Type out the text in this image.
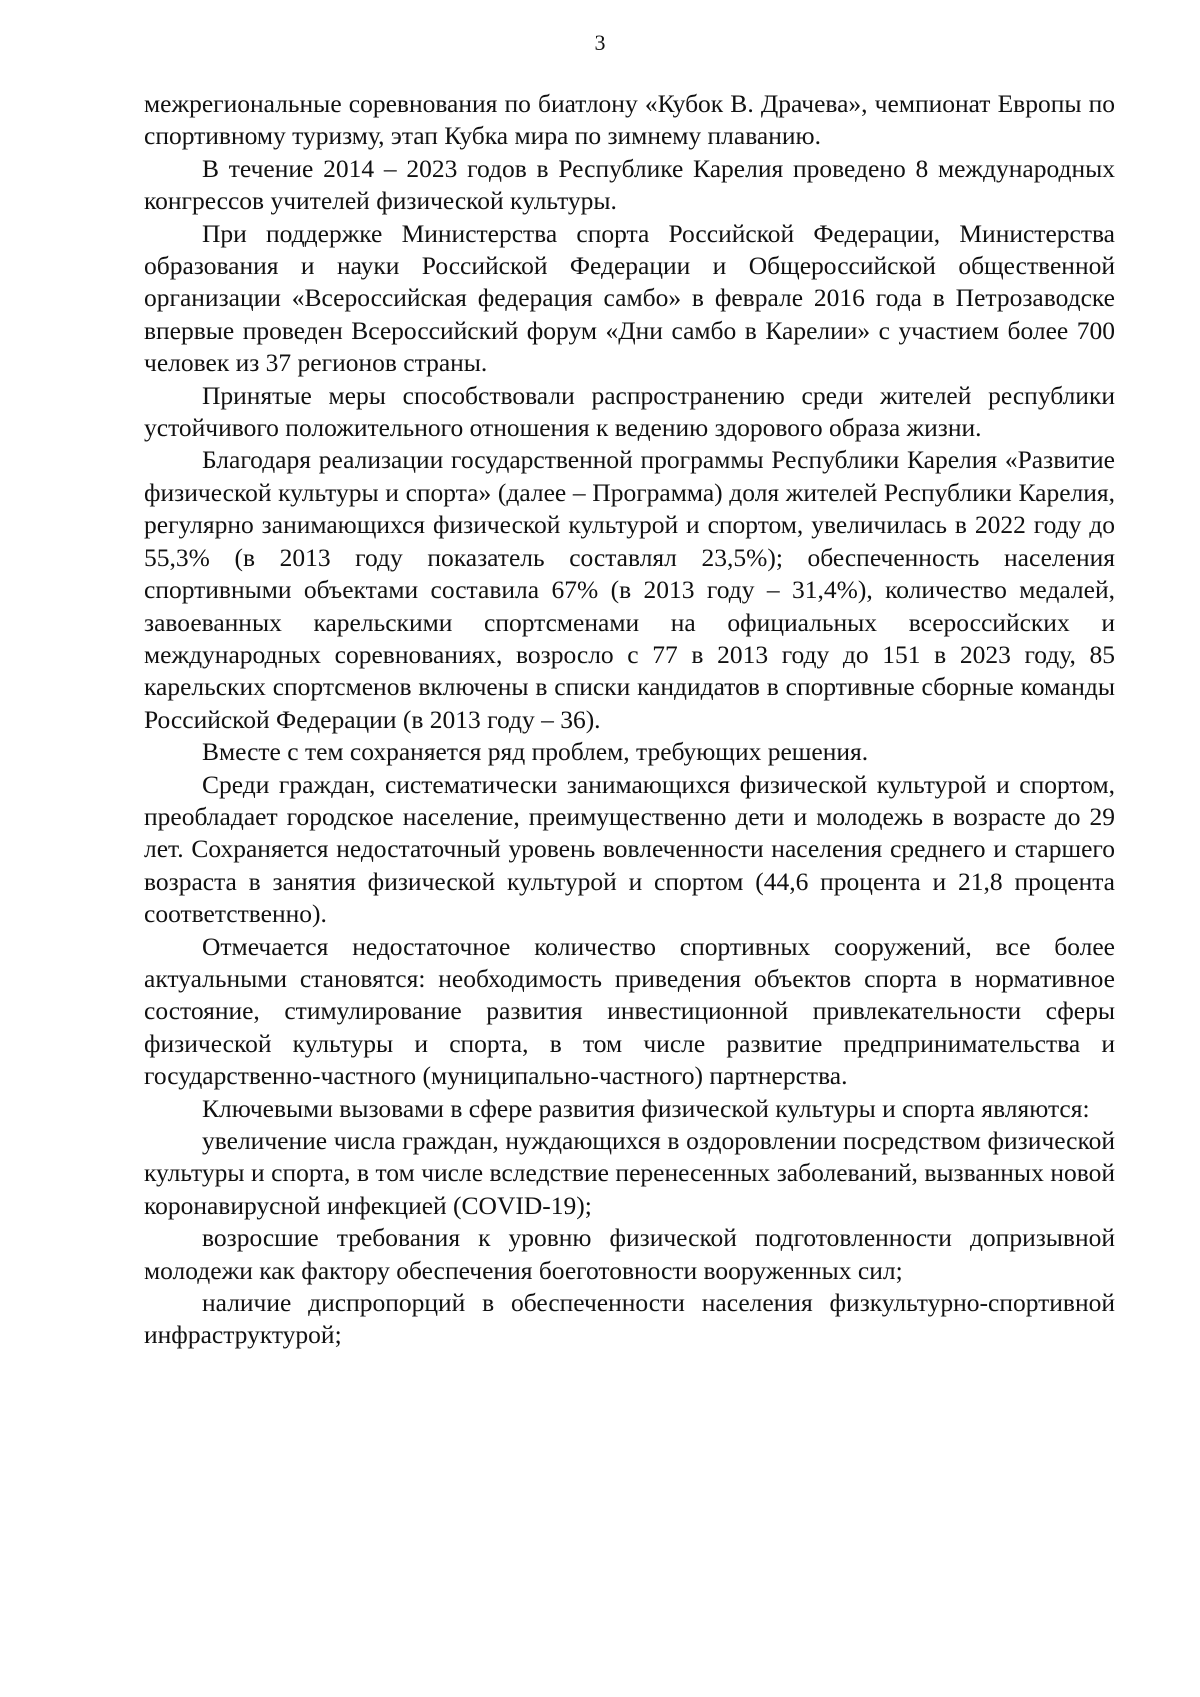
3

межрегиональные соревнования по биатлону «Кубок В. Драчева», чемпионат Европы по спортивному туризму, этап Кубка мира по зимнему плаванию.

В течение 2014 – 2023 годов в Республике Карелия проведено 8 международных конгрессов учителей физической культуры.

При поддержке Министерства спорта Российской Федерации, Министерства образования и науки Российской Федерации и Общероссийской общественной организации «Всероссийская федерация самбо» в феврале 2016 года в Петрозаводске впервые проведен Всероссийский форум «Дни самбо в Карелии» с участием более 700 человек из 37 регионов страны.

Принятые меры способствовали распространению среди жителей республики устойчивого положительного отношения к ведению здорового образа жизни.

Благодаря реализации государственной программы Республики Карелия «Развитие физической культуры и спорта» (далее – Программа) доля жителей Республики Карелия, регулярно занимающихся физической культурой и спортом, увеличилась в 2022 году до 55,3% (в 2013 году показатель составлял 23,5%); обеспеченность населения спортивными объектами составила 67% (в 2013 году – 31,4%), количество медалей, завоеванных карельскими спортсменами на официальных всероссийских и международных соревнованиях, возросло с 77 в 2013 году до 151 в 2023 году, 85 карельских спортсменов включены в списки кандидатов в спортивные сборные команды Российской Федерации (в 2013 году – 36).

Вместе с тем сохраняется ряд проблем, требующих решения.

Среди граждан, систематически занимающихся физической культурой и спортом, преобладает городское население, преимущественно дети и молодежь в возрасте до 29 лет. Сохраняется недостаточный уровень вовлеченности населения среднего и старшего возраста в занятия физической культурой и спортом (44,6 процента и 21,8 процента соответственно).

Отмечается недостаточное количество спортивных сооружений, все более актуальными становятся: необходимость приведения объектов спорта в нормативное состояние, стимулирование развития инвестиционной привлекательности сферы физической культуры и спорта, в том числе развитие предпринимательства и государственно-частного (муниципально-частного) партнерства.

Ключевыми вызовами в сфере развития физической культуры и спорта являются:

увеличение числа граждан, нуждающихся в оздоровлении посредством физической культуры и спорта, в том числе вследствие перенесенных заболеваний, вызванных новой коронавирусной инфекцией (COVID-19);

возросшие требования к уровню физической подготовленности допризывной молодежи как фактору обеспечения боеготовности вооруженных сил;

наличие диспропорций в обеспеченности населения физкультурно-спортивной инфраструктурой;
